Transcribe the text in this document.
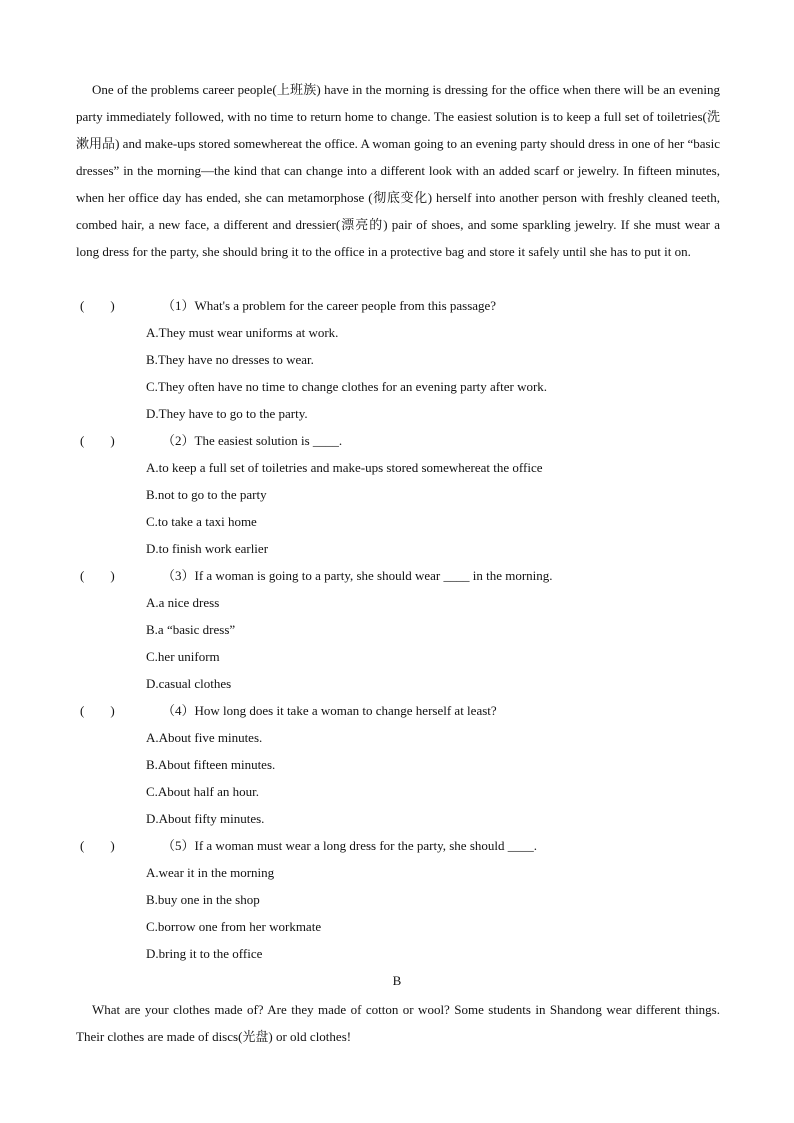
One of the problems career people(上班族) have in the morning is dressing for the office when there will be an evening party immediately followed, with no time to return home to change. The easiest solution is to keep a full set of toiletries(洗漱用品) and make-ups stored somewhereat the office. A woman going to an evening party should dress in one of her “basic dresses” in the morning—the kind that can change into a different look with an added scarf or jewelry. In fifteen minutes, when her office day has ended, she can metamorphose (彻底变化) herself into another person with freshly cleaned teeth, combed hair, a new face, a different and dressier(漂亮的) pair of shoes, and some sparkling jewelry. If she must wear a long dress for the party, she should bring it to the office in a protective bag and store it safely until she has to put it on.

(　　)	（1）What's a problem for the career people from this passage?
A.They must wear uniforms at work.
B.They have no dresses to wear.
C.They often have no time to change clothes for an evening party after work.
D.They have to go to the party.
(　　)	（2）The easiest solution is ____.
A.to keep a full set of toiletries and make-ups stored somewhereat the office
B.not to go to the party
C.to take a taxi home
D.to finish work earlier
(　　)	（3）If a woman is going to a party, she should wear ____ in the morning.
A.a nice dress
B.a “basic dress”
C.her uniform
D.casual clothes
(　　)	（4）How long does it take a woman to change herself at least?
A.About five minutes.
B.About fifteen minutes.
C.About half an hour.
D.About fifty minutes.
(　　)	（5）If a woman must wear a long dress for the party, she should ____.
A.wear it in the morning
B.buy one in the shop
C.borrow one from her workmate
D.bring it to the office
B

What are your clothes made of? Are they made of cotton or wool? Some students in Shandong wear different things. Their clothes are made of discs(光盘) or old clothes!
